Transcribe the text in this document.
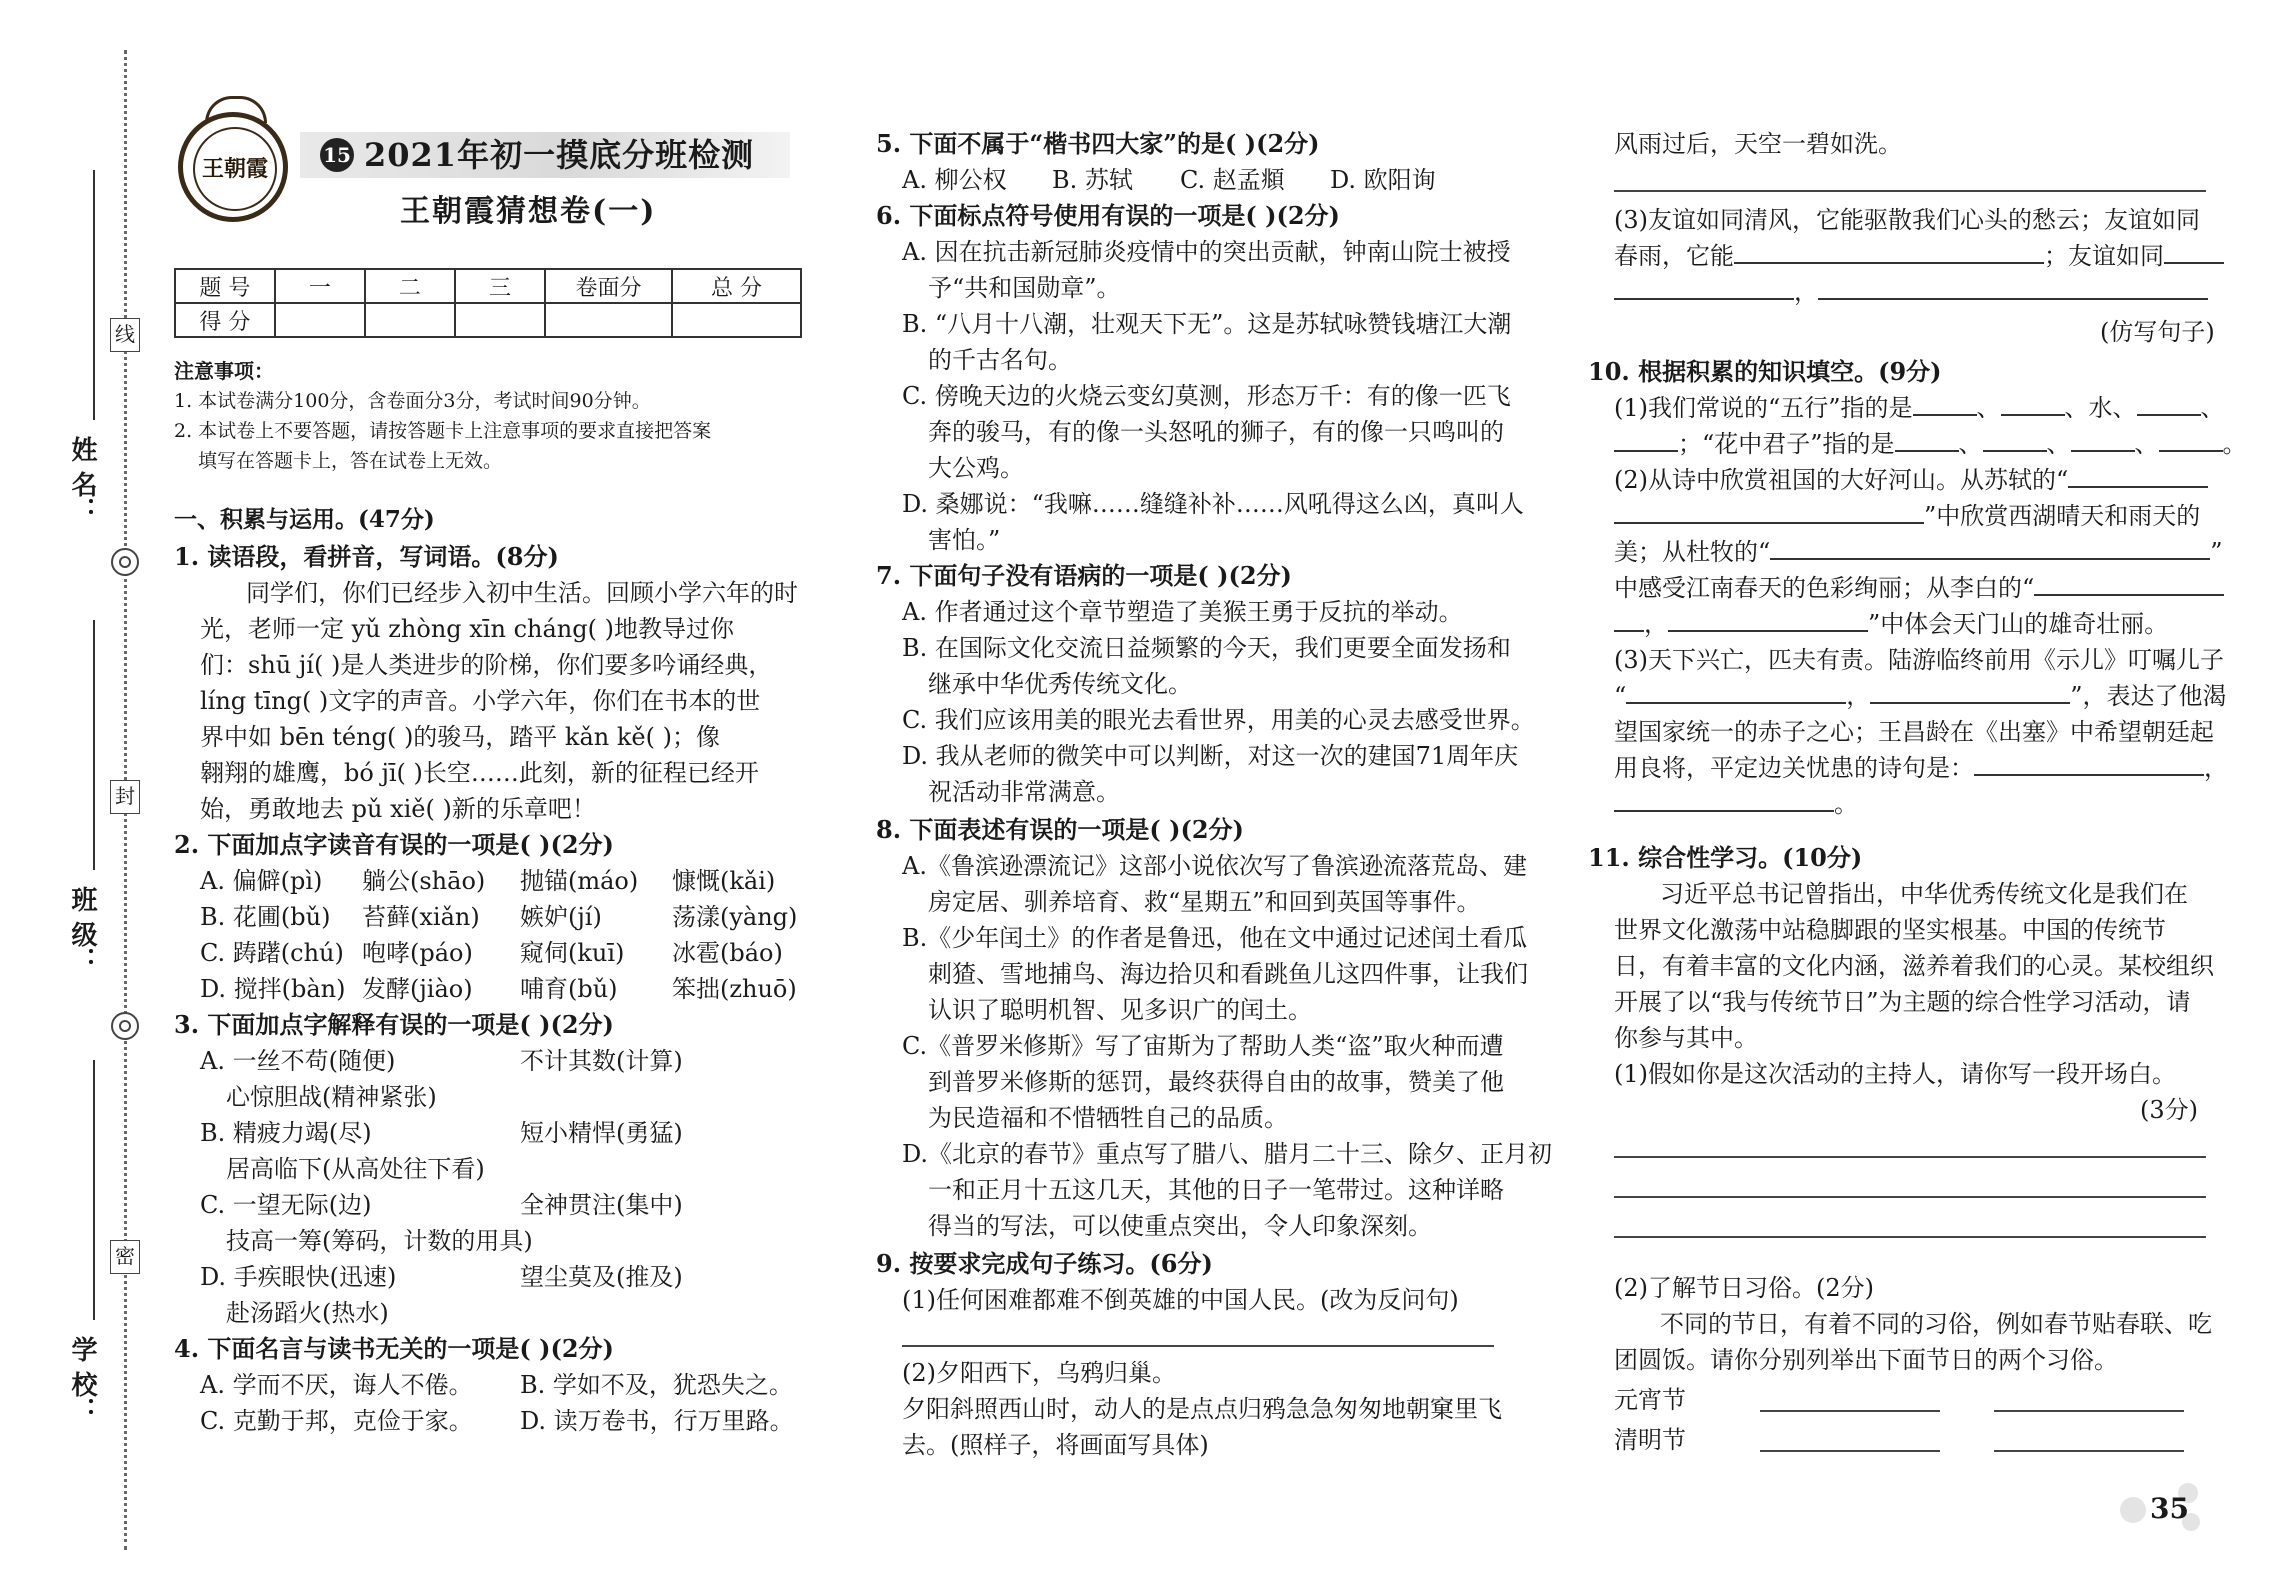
线
封
密
姓 名：
班 级：
学 校：
王朝霞
15 2021年初一摸底分班检测
王朝霞猜想卷(一)
题 号	一	二	三	卷面分	总 分
得 分					
注意事项：
1. 本试卷满分100分，含卷面分3分，考试时间90分钟。
2. 本试卷上不要答题，请按答题卡上注意事项的要求直接把答案
填写在答题卡上，答在试卷上无效。
一、积累与运用。(47分)
1. 读语段，看拼音，写词语。(8分)
同学们，你们已经步入初中生活。回顾小学六年的时
光，老师一定 yǔ zhòng xīn cháng( )地教导过你
们：shū jí( )是人类进步的阶梯，你们要多吟诵经典，
líng tīng( )文字的声音。小学六年，你们在书本的世
界中如 bēn téng( )的骏马，踏平 kǎn kě( )；像
翱翔的雄鹰，bó jī( )长空……此刻，新的征程已经开
始，勇敢地去 pǔ xiě( )新的乐章吧！
2. 下面加点字读音有误的一项是( )(2分)
A. 偏僻(pì) 躺公(shāo) 抛锚(máo) 慷慨(kǎi)
B. 花圃(bǔ) 苔藓(xiǎn) 嫉妒(jí)	荡漾(yàng)
C. 踌躇(chú) 咆哮(páo) 窥伺(kuī) 冰雹(báo)
D. 搅拌(bàn) 发酵(jiào) 哺育(bǔ) 笨拙(zhuō)
3. 下面加点字解释有误的一项是( )(2分)
A. 一丝不苟(随便)	不计其数(计算)
心惊胆战(精神紧张)
B. 精疲力竭(尽)	短小精悍(勇猛)
居高临下(从高处往下看)
C. 一望无际(边)	全神贯注(集中)
技高一筹(筹码，计数的用具)
D. 手疾眼快(迅速)	望尘莫及(推及)
赴汤蹈火(热水)
4. 下面名言与读书无关的一项是( )(2分)
A. 学而不厌，诲人不倦。 B. 学如不及，犹恐失之。
C. 克勤于邦，克俭于家。 D. 读万卷书，行万里路。
5. 下面不属于“楷书四大家”的是( )(2分)
A. 柳公权 B. 苏轼 C. 赵孟頫 D. 欧阳询
6. 下面标点符号使用有误的一项是( )(2分)
A. 因在抗击新冠肺炎疫情中的突出贡献，钟南山院士被授
予“共和国勋章”。
B. “八月十八潮，壮观天下无”。这是苏轼咏赞钱塘江大潮
的千古名句。
C. 傍晚天边的火烧云变幻莫测，形态万千：有的像一匹飞
奔的骏马，有的像一头怒吼的狮子，有的像一只鸣叫的
大公鸡。
D. 桑娜说：“我嘛……缝缝补补……风吼得这么凶，真叫人
害怕。”
7. 下面句子没有语病的一项是( )(2分)
A. 作者通过这个章节塑造了美猴王勇于反抗的举动。
B. 在国际文化交流日益频繁的今天，我们更要全面发扬和
继承中华优秀传统文化。
C. 我们应该用美的眼光去看世界，用美的心灵去感受世界。
D. 我从老师的微笑中可以判断，对这一次的建国71周年庆
祝活动非常满意。
8. 下面表述有误的一项是( )(2分)
A.《鲁滨逊漂流记》这部小说依次写了鲁滨逊流落荒岛、建
房定居、驯养培育、救“星期五”和回到英国等事件。
B.《少年闰土》的作者是鲁迅，他在文中通过记述闰土看瓜
刺猹、雪地捕鸟、海边拾贝和看跳鱼儿这四件事，让我们
认识了聪明机智、见多识广的闰土。
C.《普罗米修斯》写了宙斯为了帮助人类“盗”取火种而遭
到普罗米修斯的惩罚，最终获得自由的故事，赞美了他
为民造福和不惜牺牲自己的品质。
D.《北京的春节》重点写了腊八、腊月二十三、除夕、正月初
一和正月十五这几天，其他的日子一笔带过。这种详略
得当的写法，可以使重点突出，令人印象深刻。
9. 按要求完成句子练习。(6分)
(1)任何困难都难不倒英雄的中国人民。(改为反问句)
(2)夕阳西下，乌鸦归巢。
夕阳斜照西山时，动人的是点点归鸦急急匆匆地朝窠里飞
去。(照样子，将画面写具体)
风雨过后，天空一碧如洗。
(3)友谊如同清风，它能驱散我们心头的愁云；友谊如同
春雨，它能	；友谊如同
，
(仿写句子)
10. 根据积累的知识填空。(9分)
(1)我们常说的“五行”指的是	、	、水、	、
；“花中君子”指的是	、	、	、	。
(2)从诗中欣赏祖国的大好河山。从苏轼的“
”中欣赏西湖晴天和雨天的
美；从杜牧的“	”
中感受江南春天的色彩绚丽；从李白的“
，	”中体会天门山的雄奇壮丽。
(3)天下兴亡，匹夫有责。陆游临终前用《示儿》叮嘱儿子
“	，	”，表达了他渴
望国家统一的赤子之心；王昌龄在《出塞》中希望朝廷起
用良将，平定边关忧患的诗句是：	，
。
11. 综合性学习。(10分)
习近平总书记曾指出，中华优秀传统文化是我们在
世界文化激荡中站稳脚跟的坚实根基。中国的传统节
日，有着丰富的文化内涵，滋养着我们的心灵。某校组织
开展了以“我与传统节日”为主题的综合性学习活动，请
你参与其中。
(1)假如你是这次活动的主持人，请你写一段开场白。
(3分)
(2)了解节日习俗。(2分)
不同的节日，有着不同的习俗，例如春节贴春联、吃
团圆饭。请你分别列举出下面节日的两个习俗。
元宵节
清明节
35
